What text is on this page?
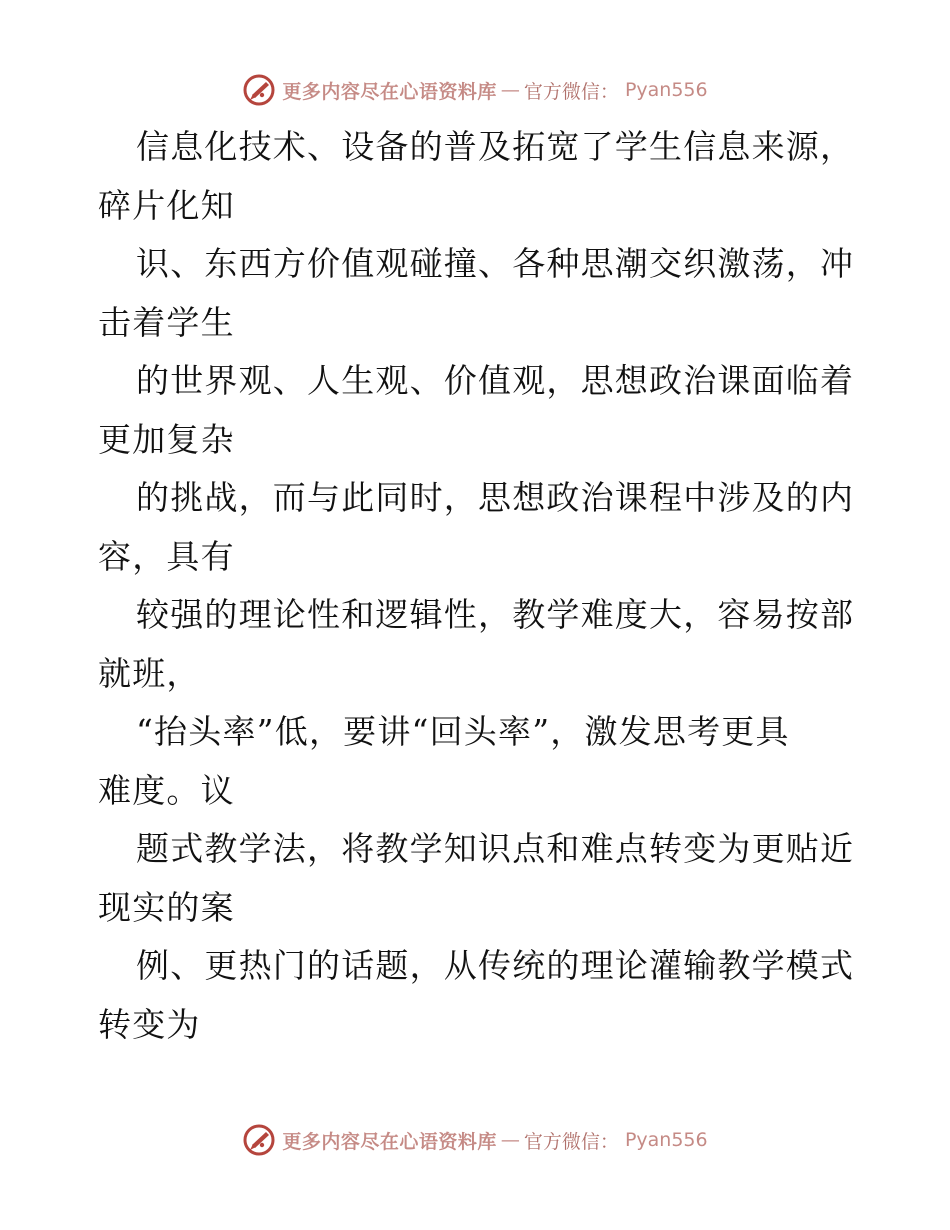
更多内容尽在心语资料库 — 官方微信： Pyan556
信息化技术、设备的普及拓宽了学生信息来源，
碎片化知
识、东西方价值观碰撞、各种思潮交织激荡，冲
击着学生
的世界观、人生观、价值观，思想政治课面临着
更加复杂
的挑战，而与此同时，思想政治课程中涉及的内
容，具有
较强的理论性和逻辑性，教学难度大，容易按部
就班，
“抬头率”低，要讲“回头率”，激发思考更具
难度。议
题式教学法，将教学知识点和难点转变为更贴近
现实的案
例、更热门的话题，从传统的理论灌输教学模式
转变为
更多内容尽在心语资料库 — 官方微信： Pyan556
